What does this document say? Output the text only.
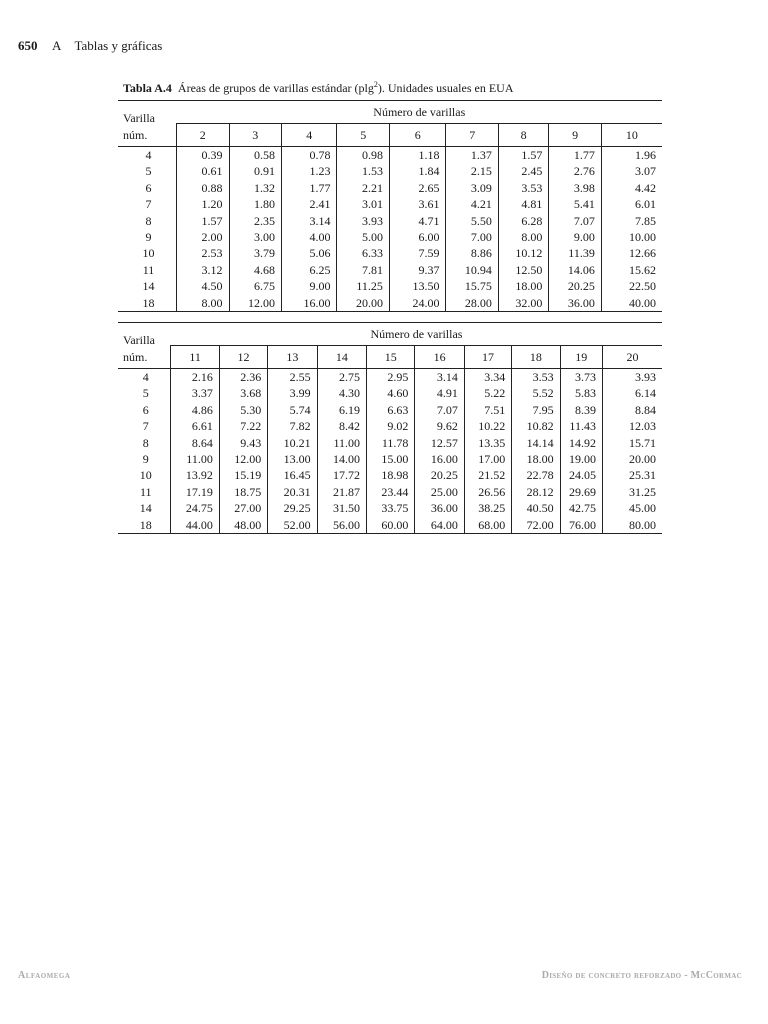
650 A Tablas y gráficas
Tabla A.4 Áreas de grupos de varillas estándar (plg$^2$). Unidades usuales en EUA
Varilla
núm.	Número de varillas								
	2	3	4	5	6	7	8	9	10
4	0.39	0.58	0.78	0.98	1.18	1.37	1.57	1.77	1.96
5	0.61	0.91	1.23	1.53	1.84	2.15	2.45	2.76	3.07
6	0.88	1.32	1.77	2.21	2.65	3.09	3.53	3.98	4.42
7	1.20	1.80	2.41	3.01	3.61	4.21	4.81	5.41	6.01
8	1.57	2.35	3.14	3.93	4.71	5.50	6.28	7.07	7.85
9	2.00	3.00	4.00	5.00	6.00	7.00	8.00	9.00	10.00
10	2.53	3.79	5.06	6.33	7.59	8.86	10.12	11.39	12.66
11	3.12	4.68	6.25	7.81	9.37	10.94	12.50	14.06	15.62
14	4.50	6.75	9.00	11.25	13.50	15.75	18.00	20.25	22.50
18	8.00	12.00	16.00	20.00	24.00	28.00	32.00	36.00	40.00
Varilla
núm.	Número de varillas									
	11	12	13	14	15	16	17	18	19	20
4	2.16	2.36	2.55	2.75	2.95	3.14	3.34	3.53	3.73	3.93
5	3.37	3.68	3.99	4.30	4.60	4.91	5.22	5.52	5.83	6.14
6	4.86	5.30	5.74	6.19	6.63	7.07	7.51	7.95	8.39	8.84
7	6.61	7.22	7.82	8.42	9.02	9.62	10.22	10.82	11.43	12.03
8	8.64	9.43	10.21	11.00	11.78	12.57	13.35	14.14	14.92	15.71
9	11.00	12.00	13.00	14.00	15.00	16.00	17.00	18.00	19.00	20.00
10	13.92	15.19	16.45	17.72	18.98	20.25	21.52	22.78	24.05	25.31
11	17.19	18.75	20.31	21.87	23.44	25.00	26.56	28.12	29.69	31.25
14	24.75	27.00	29.25	31.50	33.75	36.00	38.25	40.50	42.75	45.00
18	44.00	48.00	52.00	56.00	60.00	64.00	68.00	72.00	76.00	80.00
Alfaomega	Diseño de concreto reforzado - McCormac
